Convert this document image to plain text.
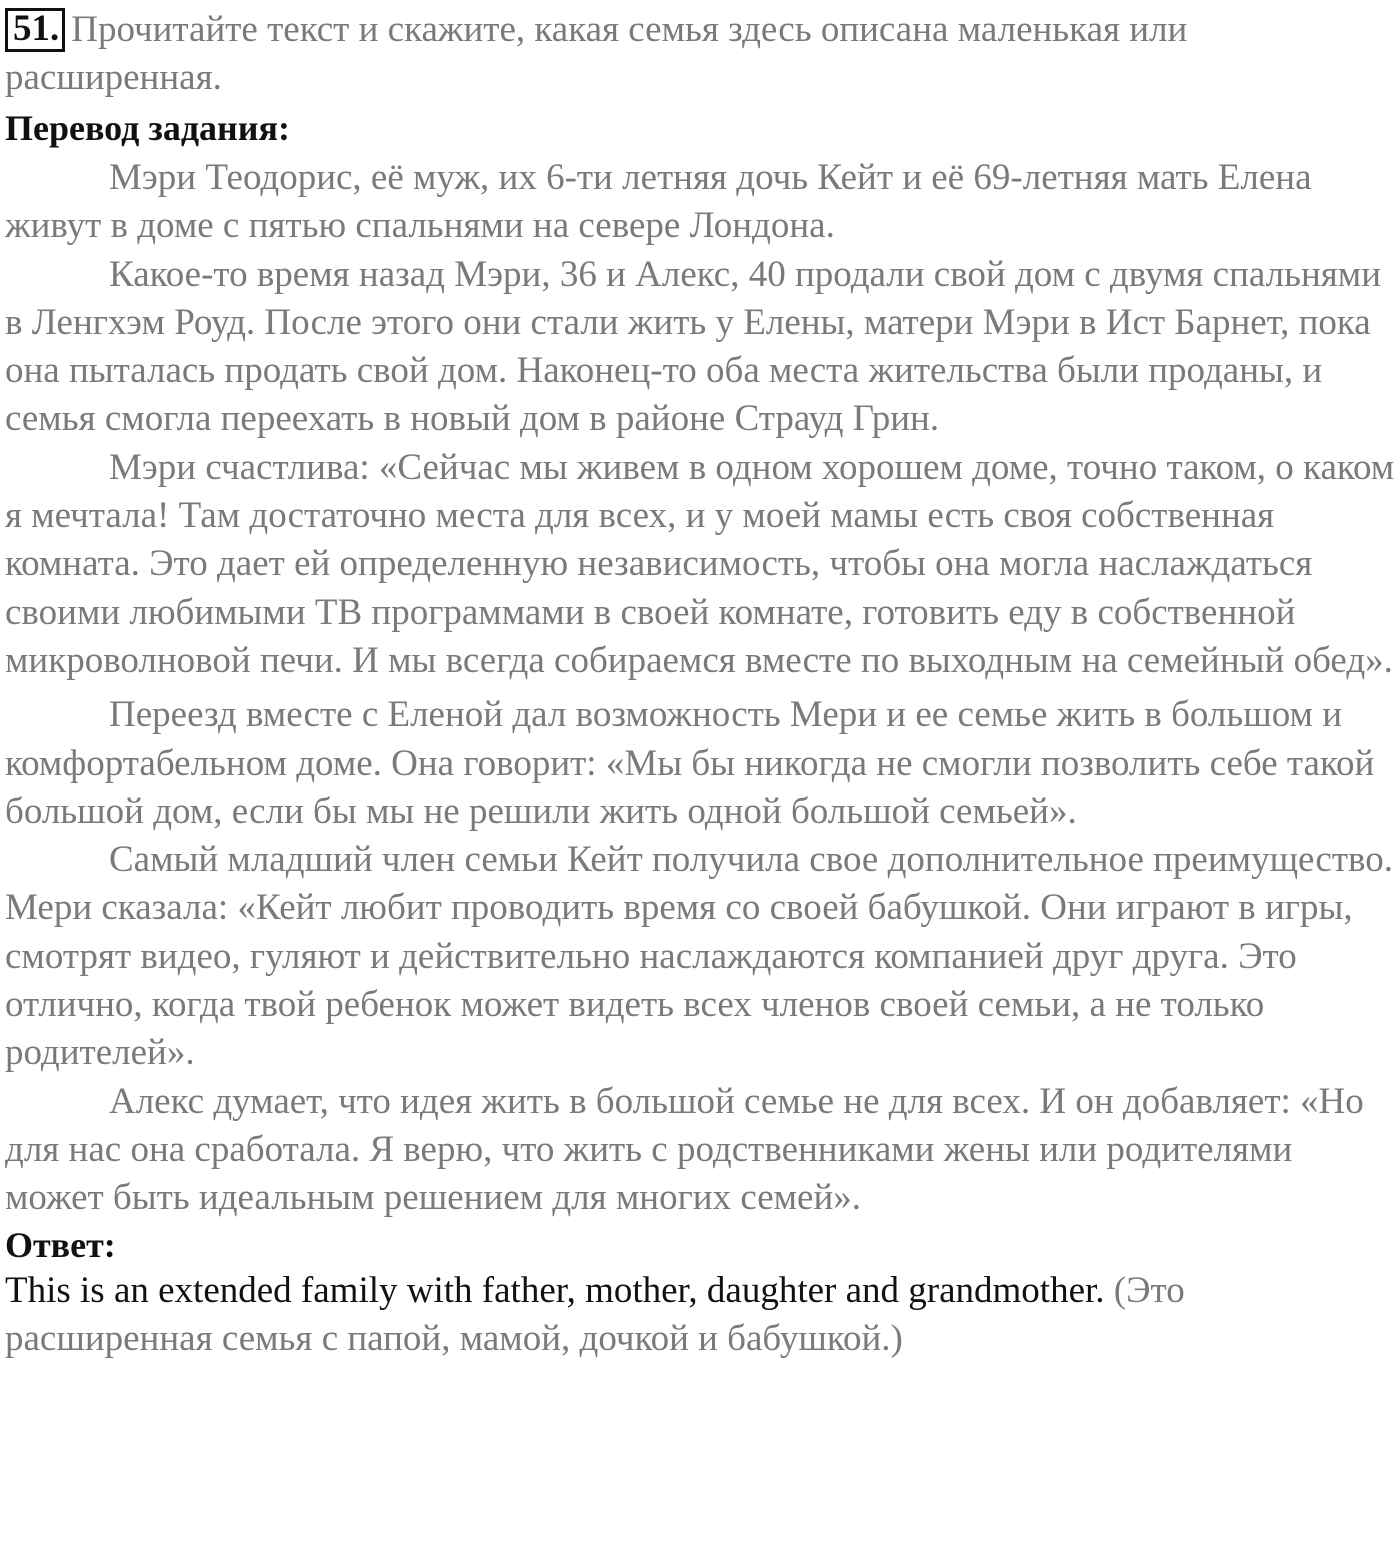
51. Прочитайте текст и скажите, какая семья здесь описана маленькая или расширенная.

Перевод задания:

Мэри Теодорис, её муж, их 6-ти летняя дочь Кейт и её 69-летняя мать Елена живут в доме с пятью спальнями на севере Лондона.

Какое-то время назад Мэри, 36 и Алекс, 40 продали свой дом с двумя спальнями в Ленгхэм Роуд. После этого они стали жить у Елены, матери Мэри в Ист Барнет, пока она пыталась продать свой дом. Наконец-то оба места жительства были проданы, и семья смогла переехать в новый дом в районе Страуд Грин.

Мэри счастлива: «Сейчас мы живем в одном хорошем доме, точно таком, о каком я мечтала! Там достаточно места для всех, и у моей мамы есть своя собственная комната. Это дает ей определенную независимость, чтобы она могла наслаждаться своими любимыми ТВ программами в своей комнате, готовить еду в собственной микроволновой печи. И мы всегда собираемся вместе по выходным на семейный обед».

Переезд вместе с Еленой дал возможность Мери и ее семье жить в большом и комфортабельном доме. Она говорит: «Мы бы никогда не смогли позволить себе такой большой дом, если бы мы не решили жить одной большой семьей».

Самый младший член семьи Кейт получила свое дополнительное преимущество. Мери сказала: «Кейт любит проводить время со своей бабушкой. Они играют в игры, смотрят видео, гуляют и действительно наслаждаются компанией друг друга. Это отлично, когда твой ребенок может видеть всех членов своей семьи, а не только родителей».

Алекс думает, что идея жить в большой семье не для всех. И он добавляет: «Но для нас она сработала. Я верю, что жить с родственниками жены или родителями может быть идеальным решением для многих семей».

Ответ:

This is an extended family with father, mother, daughter and grandmother. (Это расширенная семья с папой, мамой, дочкой и бабушкой.)
